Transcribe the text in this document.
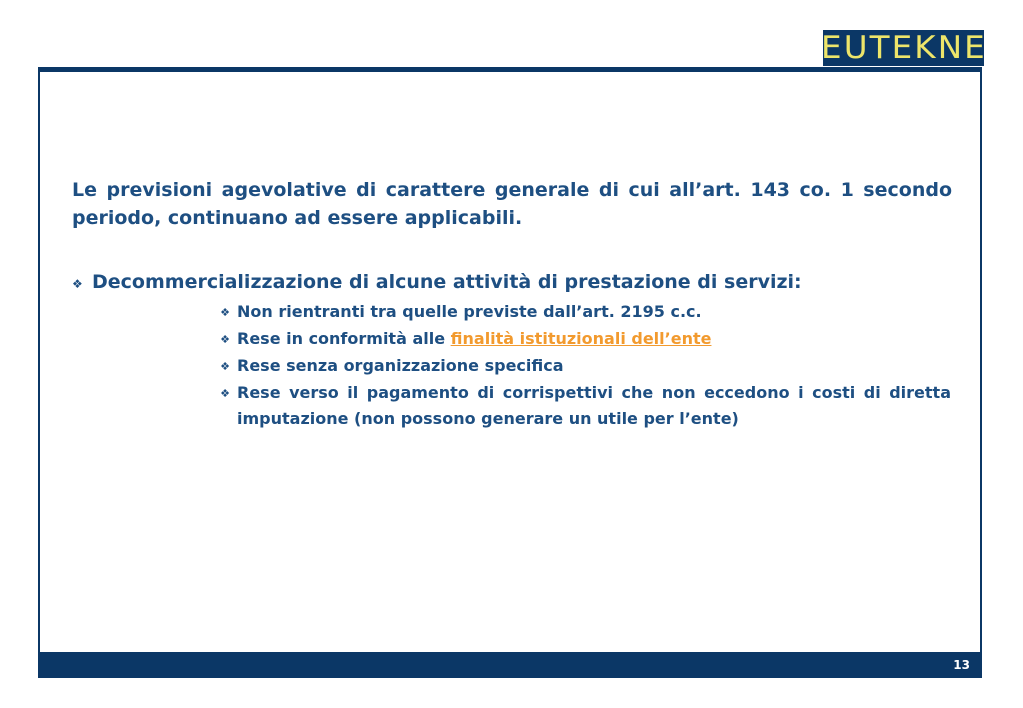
EUTEKNE

Le previsioni agevolative di carattere generale di cui all’art. 143 co. 1 secondo periodo, continuano ad essere applicabili.

❖ Decommercializzazione di alcune attività di prestazione di servizi:
❖ Non rientranti tra quelle previste dall’art. 2195 c.c.
❖ Rese in conformità alle finalità istituzionali dell’ente
❖ Rese senza organizzazione specifica
❖ Rese verso il pagamento di corrispettivi che non eccedono i costi di diretta imputazione (non possono generare un utile per l’ente)
13
